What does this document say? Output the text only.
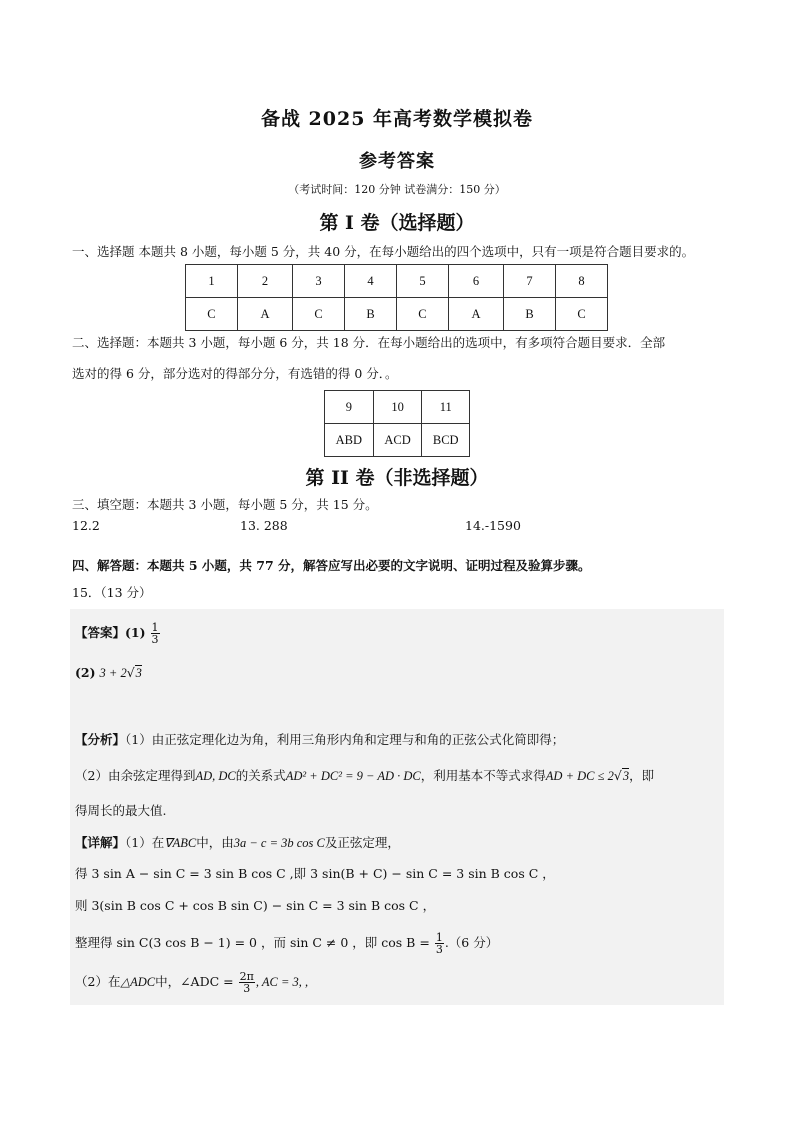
备战 2025 年高考数学模拟卷
参考答案
（考试时间：120 分钟 试卷满分：150 分）
第 I 卷（选择题）
一、选择题 本题共 8 小题，每小题 5 分，共 40 分，在每小题给出的四个选项中，只有一项是符合题目要求的。
1	2	3	4	5	6	7	8
C	A	C	B	C	A	B	C
二、选择题：本题共 3 小题，每小题 6 分，共 18 分．在每小题给出的选项中，有多项符合题目要求．全部
选对的得 6 分，部分选对的得部分分，有选错的得 0 分．。
9	10	11
ABD	ACD	BCD
第 II 卷（非选择题）
三、填空题：本题共 3 小题，每小题 5 分，共 15 分。
12.2	13. 288	14.-1590
四、解答题：本题共 5 小题，共 77 分，解答应写出必要的文字说明、证明过程及验算步骤。
15．（13 分）
【答案】$(1) \frac{1}{3}$
(2) 3 + 2√3
【分析】（1）由正弦定理化边为角，利用三角形内角和定理与和角的正弦公式化简即得；
（2）由余弦定理得到AD, DC的关系式AD² + DC² = 9 − AD · DC，利用基本不等式求得AD + DC ≤ 2√3，即
得周长的最大值.
【详解】（1）在∇ABC中，由3a − c = 3b cos C及正弦定理，
得 3 sin A − sin C = 3 sin B cos C ,即 3 sin(B + C) − sin C = 3 sin B cos C ，
则 3(sin B cos C + cos B sin C) − sin C = 3 sin B cos C ，
整理得 sin C(3 cos B − 1) = 0 ，而 sin C ≠ 0 ，即 $\cos B = \frac{1}{3} .(6$ 分）
（2）在△ADC中，∠ADC = $\frac{2\pi}{3}$ , AC = 3, ,
